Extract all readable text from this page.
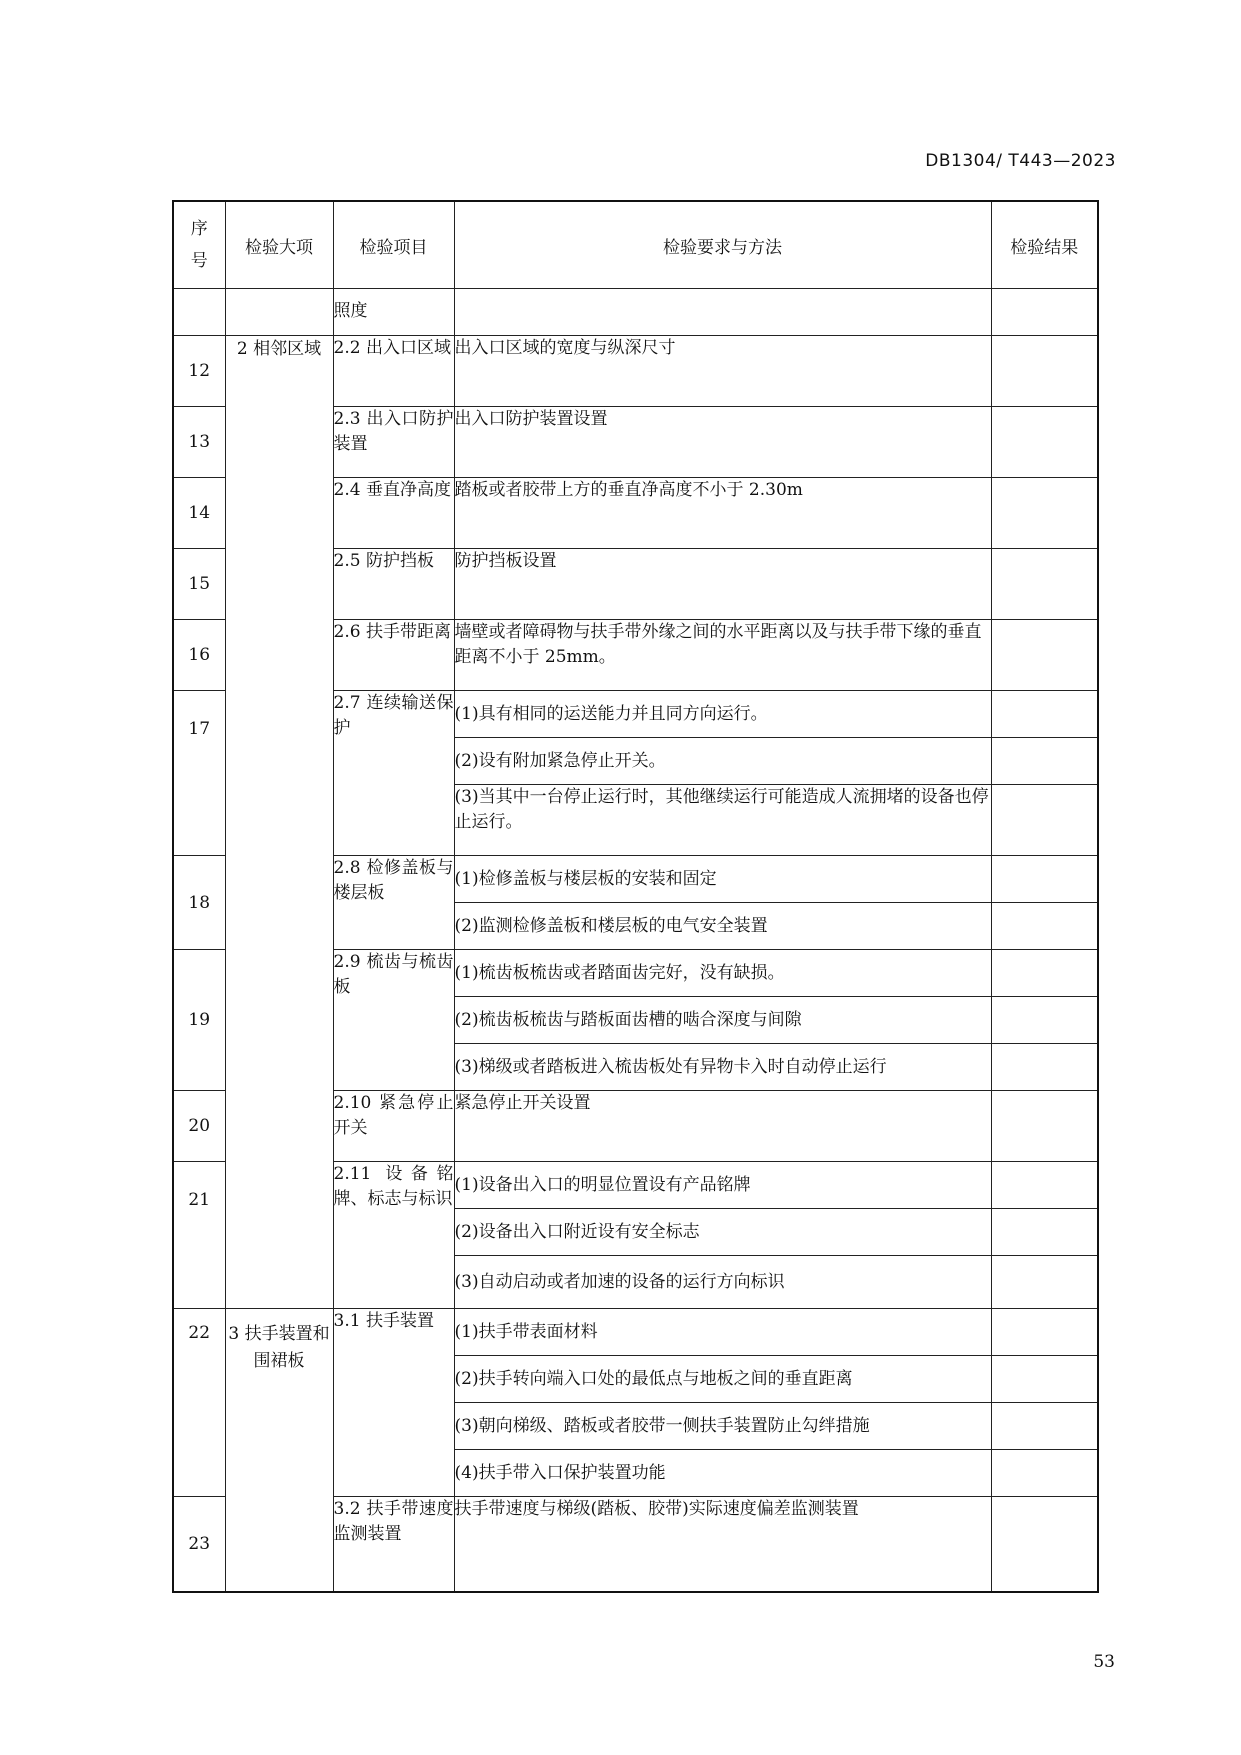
DB1304/ T443—2023
序
号	检验大项	检验项目	检验要求与方法	检验结果
		照度		
12	2 相邻区域	2.2 出入口区域	出入口区域的宽度与纵深尺寸	
13		2.3 出入口防护装置	出入口防护装置设置	
14		2.4 垂直净高度	踏板或者胶带上方的垂直净高度不小于 2.30m	
15		2.5 防护挡板	防护挡板设置	
16		2.6 扶手带距离	墙壁或者障碍物与扶手带外缘之间的水平距离以及与扶手带下缘的垂直距离不小于 25mm。	
17		2.7 连续输送保护	(1)具有相同的运送能力并且同方向运行。	
			(2)设有附加紧急停止开关。	
			(3)当其中一台停止运行时，其他继续运行可能造成人流拥堵的设备也停止运行。	
18		2.8 检修盖板与楼层板	(1)检修盖板与楼层板的安装和固定	
			(2)监测检修盖板和楼层板的电气安全装置	
19		2.9 梳齿与梳齿板	(1)梳齿板梳齿或者踏面齿完好，没有缺损。	
			(2)梳齿板梳齿与踏板面齿槽的啮合深度与间隙	
			(3)梯级或者踏板进入梳齿板处有异物卡入时自动停止运行	
20		2.10 紧急停止开关	紧急停止开关设置	
21		2.11 设备铭牌、标志与标识	(1)设备出入口的明显位置设有产品铭牌	
			(2)设备出入口附近设有安全标志	
			(3)自动启动或者加速的设备的运行方向标识	
22	3 扶手装置和围裙板	3.1 扶手装置	(1)扶手带表面材料	
			(2)扶手转向端入口处的最低点与地板之间的垂直距离	
			(3)朝向梯级、踏板或者胶带一侧扶手装置防止勾绊措施	
			(4)扶手带入口保护装置功能	
23		3.2 扶手带速度监测装置	扶手带速度与梯级(踏板、胶带)实际速度偏差监测装置	
53
